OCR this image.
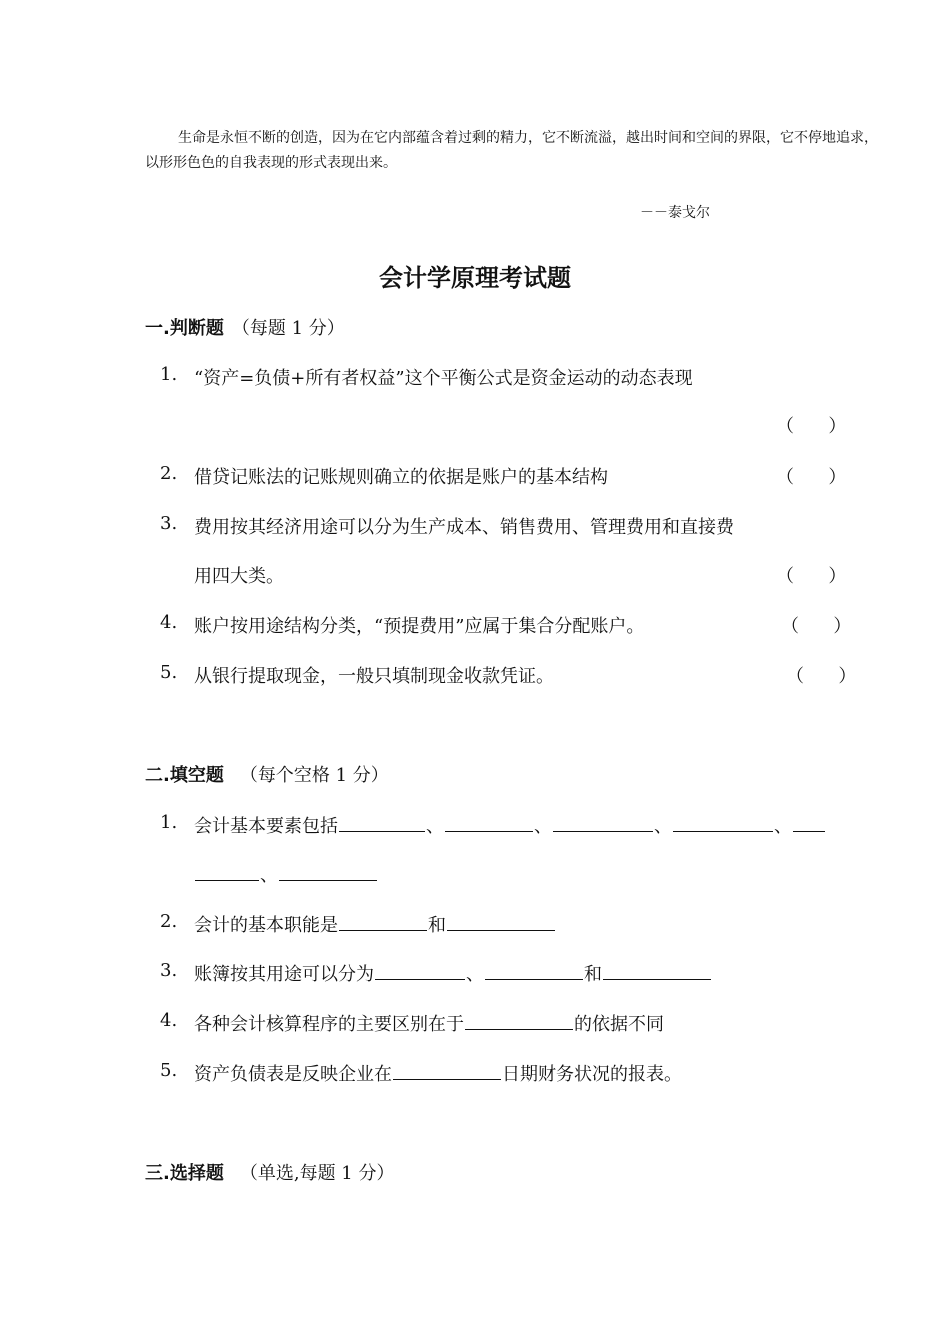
生命是永恒不断的创造，因为在它内部蕴含着过剩的精力，它不断流溢，越出时间和空间的界限，它不停地追求，以形形色色的自我表现的形式表现出来。
－－泰戈尔
会计学原理考试题
一.判断题 （每题 1 分）
1. “资产=负债+所有者权益”这个平衡公式是资金运动的动态表现
（      ）
2. 借贷记账法的记账规则确立的依据是账户的基本结构	（      ）
3. 费用按其经济用途可以分为生产成本、销售费用、管理费用和直接费
用四大类。	（      ）
4. 账户按用途结构分类，“预提费用”应属于集合分配账户。	（      ）
5. 从银行提取现金，一般只填制现金收款凭证。	（      ）
二.填空题 （每个空格 1 分）
1. 会计基本要素包括	、	、	、	、
、
2. 会计的基本职能是	和
3. 账簿按其用途可以分为	、	和
4. 各种会计核算程序的主要区别在于	的依据不同
5. 资产负债表是反映企业在	日期财务状况的报表。
三.选择题 （单选,每题 1 分）
